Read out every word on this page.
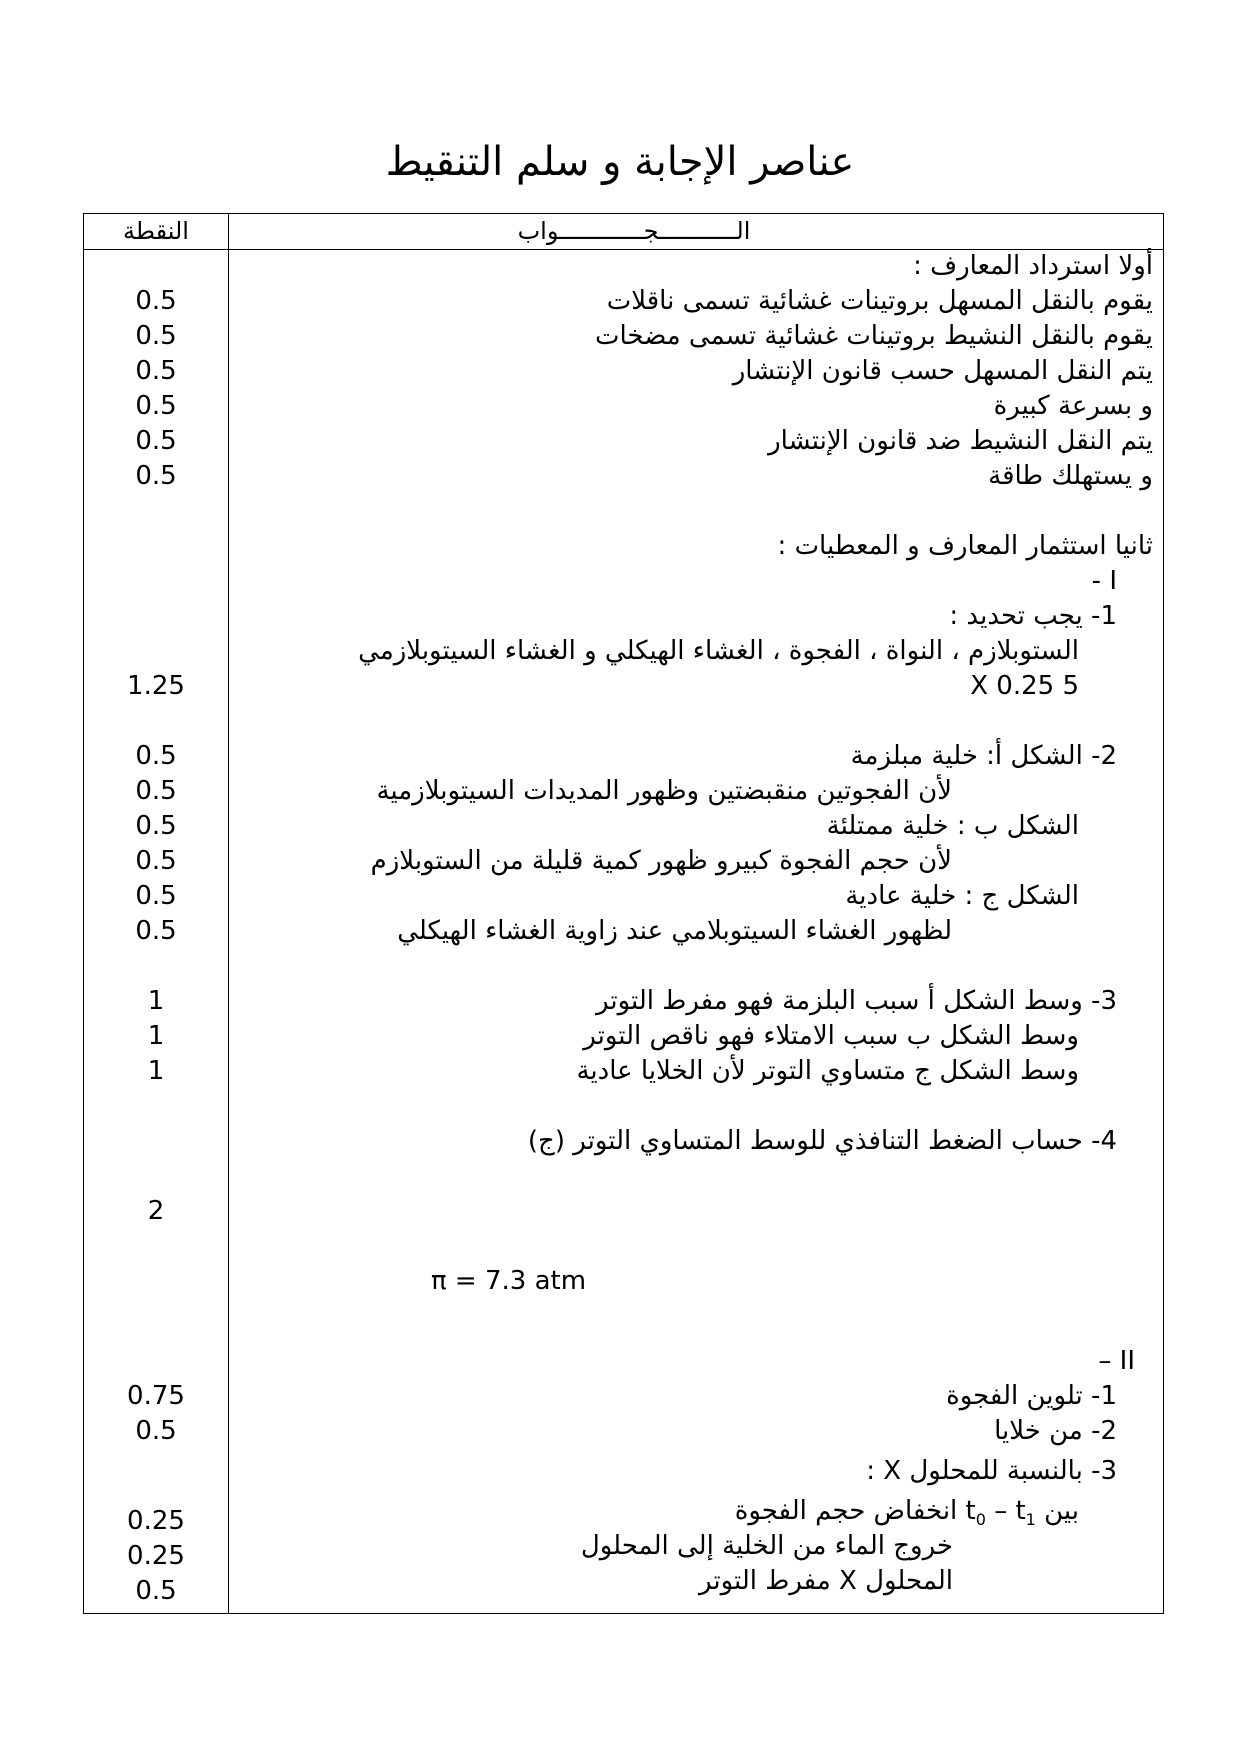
عناصر الإجابة و سلم التنقيط
النقطة	الـــــــــــجــــــــــــواب
أولا استرداد المعارف :
يقوم بالنقل المسهل بروتينات غشائية تسمى ناقلات
يقوم بالنقل النشيط بروتينات غشائية تسمى مضخات
يتم النقل المسهل حسب قانون الإنتشار
و بسرعة كبيرة
يتم النقل النشيط ضد قانون الإنتشار
و يستهلك طاقة
0.5
0.5
0.5
0.5
0.5
0.5
ثانيا استثمار المعارف و المعطيات :
I -
1- يجب تحديد :
الستوبلازم ، النواة ، الفجوة ، الغشاء الهيكلي و الغشاء السيتوبلازمي
5 X 0.25
1.25
2- الشكل أ: خلية مبلزمة
لأن الفجوتين منقبضتين وظهور المديدات السيتوبلازمية
الشكل ب : خلية ممتلئة
لأن حجم الفجوة كبيرو ظهور كمية قليلة من الستوبلازم
الشكل ج : خلية عادية
لظهور الغشاء السيتوبلامي عند زاوية الغشاء الهيكلي
0.5
0.5
0.5
0.5
0.5
0.5
3- وسط الشكل أ سبب البلزمة فهو مفرط التوتر
وسط الشكل ب سبب الامتلاء فهو ناقص التوتر
وسط الشكل ج متساوي التوتر لأن الخلايا عادية
1
1
1
4- حساب الضغط التنافذي للوسط المتساوي التوتر (ج)
2
π = 7.3 atm
II –
1- تلوين الفجوة
0.75
2- من خلايا
0.5
3- بالنسبة للمحلول X :
بين $t_0 - t_1$ انخفاض حجم الفجوة
خروج الماء من الخلية إلى المحلول
المحلول X مفرط التوتر
0.25
0.25
0.5
